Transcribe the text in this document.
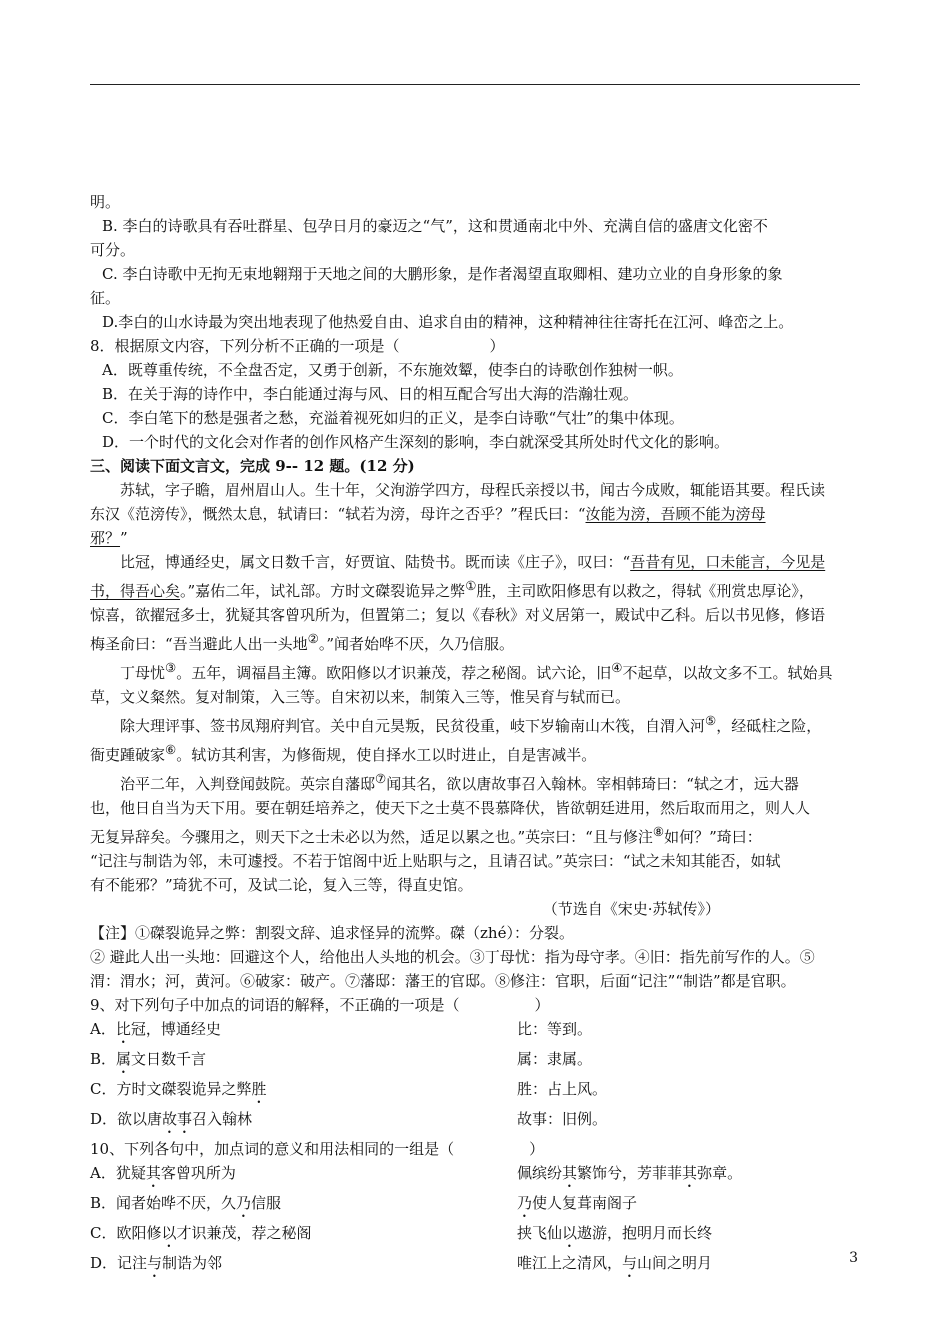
明。
B. 李白的诗歌具有吞吐群星、包孕日月的豪迈之“气”，这和贯通南北中外、充满自信的盛唐文化密不
可分。
C. 李白诗歌中无拘无束地翱翔于天地之间的大鹏形象，是作者渴望直取卿相、建功立业的自身形象的象
征。
D.李白的山水诗最为突出地表现了他热爱自由、追求自由的精神，这种精神往往寄托在江河、峰峦之上。
8．根据原文内容，下列分析不正确的一项是（　　　　　　）
A．既尊重传统，不全盘否定，又勇于创新，不东施效颦，使李白的诗歌创作独树一帜。
B．在关于海的诗作中，李白能通过海与风、日的相互配合写出大海的浩瀚壮观。
C．李白笔下的愁是强者之愁，充溢着视死如归的正义，是李白诗歌“气壮”的集中体现。
D．一个时代的文化会对作者的创作风格产生深刻的影响，李白就深受其所处时代文化的影响。
三、阅读下面文言文，完成 9-- 12 题。(12 分)
苏轼，字子瞻，眉州眉山人。生十年，父洵游学四方，母程氏亲授以书，闻古今成败，辄能语其要。程氏读
东汉《范滂传》，慨然太息，轼请曰：“轼若为滂，母许之否乎？”程氏曰：“汝能为滂，吾顾不能为滂母
邪？”
比冠，博通经史，属文日数千言，好贾谊、陆贽书。既而读《庄子》，叹曰：“吾昔有见，口未能言，今见是
书，得吾心矣。”嘉佑二年，试礼部。方时文磔裂诡异之弊①胜，主司欧阳修思有以救之，得轼《刑赏忠厚论》，
惊喜，欲擢冠多士，犹疑其客曾巩所为，但置第二；复以《春秋》对义居第一，殿试中乙科。后以书见修，修语
梅圣俞曰：“吾当避此人出一头地②。”闻者始哗不厌，久乃信服。
丁母忧③。五年，调福昌主簿。欧阳修以才识兼茂，荐之秘阁。试六论，旧④不起草，以故文多不工。轼始具
草，文义粲然。复对制策，入三等。自宋初以来，制策入三等，惟吴育与轼而已。
除大理评事、签书凤翔府判官。关中自元昊叛，民贫役重，岐下岁输南山木筏，自渭入河⑤，经砥柱之险，
衙吏踵破家⑥。轼访其利害，为修衙规，使自择水工以时进止，自是害减半。
治平二年，入判登闻鼓院。英宗自藩邸⑦闻其名，欲以唐故事召入翰林。宰相韩琦曰：“轼之才，远大器
也，他日自当为天下用。要在朝廷培养之，使天下之士莫不畏慕降伏，皆欲朝廷进用，然后取而用之，则人人
无复异辞矣。今骤用之，则天下之士未必以为然，适足以累之也。”英宗曰：“且与修注⑧如何？”琦曰：
“记注与制诰为邻，未可遽授。不若于馆阁中近上贴职与之，且请召试。”英宗曰：“试之未知其能否，如轼
有不能邪？”琦犹不可，及试二论，复入三等，得直史馆。
（节选自《宋史·苏轼传》）
【注】①磔裂诡异之弊：割裂文辞、追求怪异的流弊。磔（zhé）：分裂。
② 避此人出一头地：回避这个人，给他出人头地的机会。③丁母忧：指为母守孝。④旧：指先前写作的人。⑤
渭：渭水；河，黄河。⑥破家：破产。⑦藩邸：藩王的官邸。⑧修注：官职，后面“记注”“制诰”都是官职。
9、对下列句子中加点的词语的解释，不正确的一项是（　　　　　）
A．比冠，博通经史	比：等到。
B．属文日数千言	属：隶属。
C．方时文磔裂诡异之弊胜	胜：占上风。
D．欲以唐故事召入翰林	故事：旧例。
10、下列各句中，加点词的意义和用法相同的一组是（　　　　　）
A．犹疑其客曾巩所为	佩缤纷其繁饰兮，芳菲菲其弥章。
B．闻者始哗不厌，久乃信服	乃使人复葺南阁子
C．欧阳修以才识兼茂，荐之秘阁	挟飞仙以遨游，抱明月而长终
D．记注与制诰为邻	唯江上之清风，与山间之明月	3
